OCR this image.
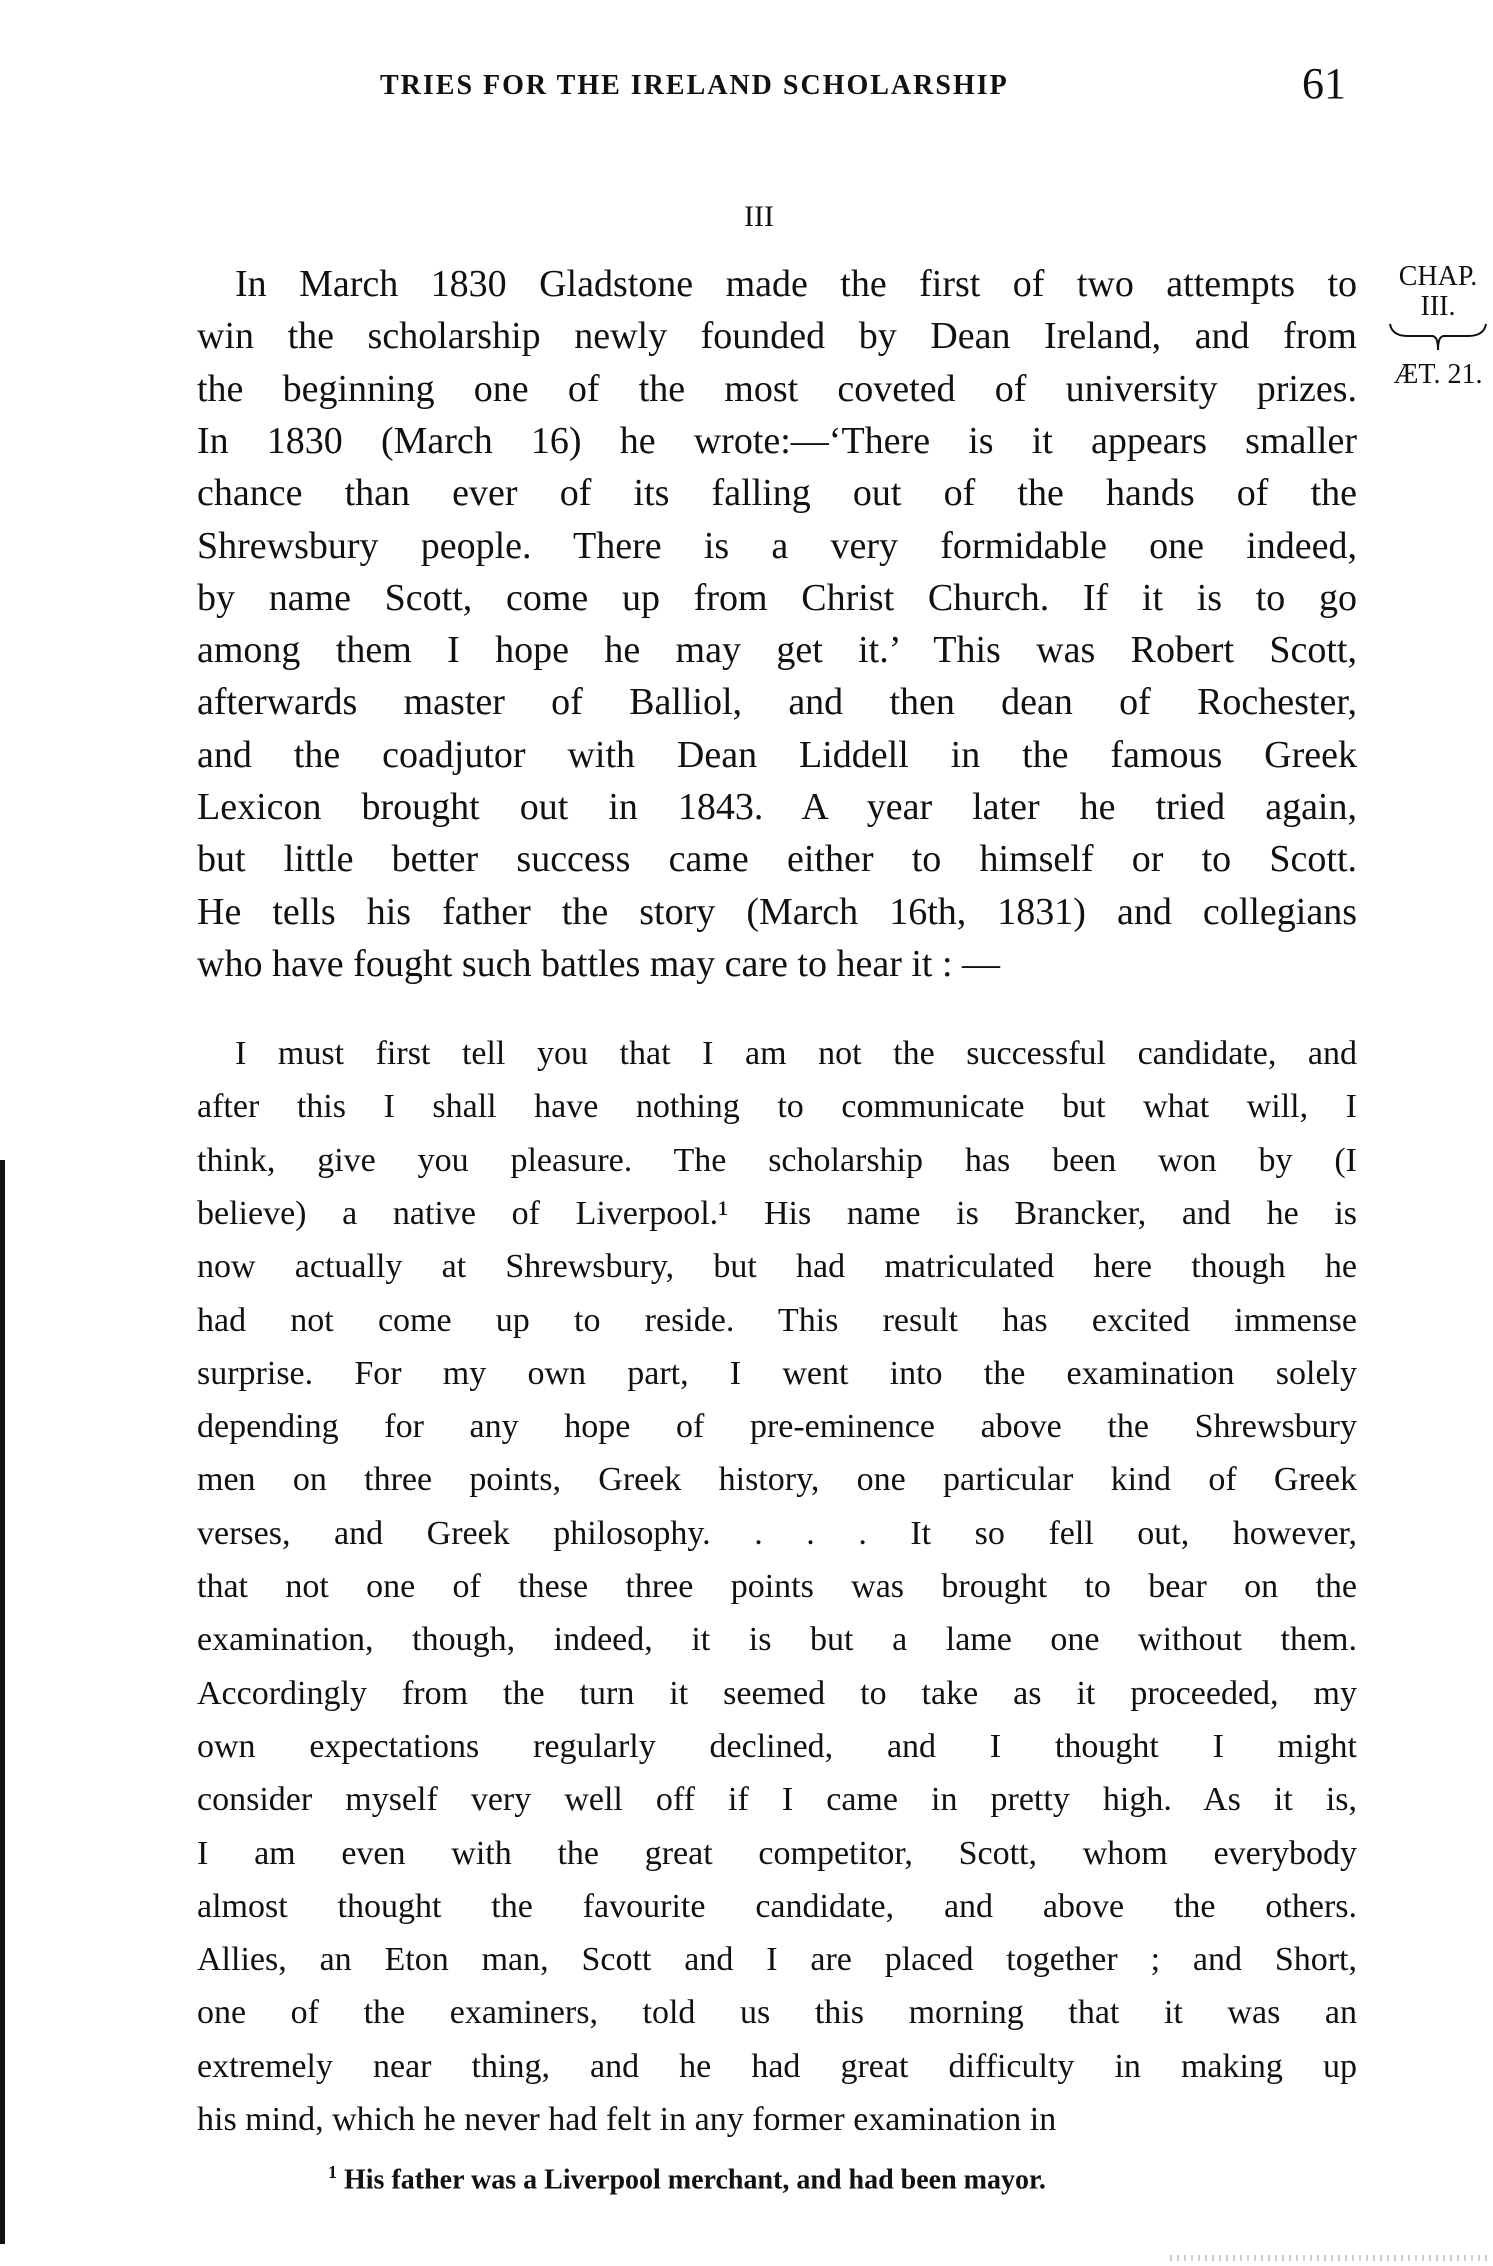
TRIES FOR THE IRELAND SCHOLARSHIP	61
III
CHAP.
III.
ÆT. 21.
In March 1830 Gladstone made the first of two attempts to
win the scholarship newly founded by Dean Ireland, and from
the beginning one of the most coveted of university prizes.
In 1830 (March 16) he wrote:—‘There is it appears smaller
chance than ever of its falling out of the hands of the
Shrewsbury people. There is a very formidable one indeed,
by name Scott, come up from Christ Church. If it is to go
among them I hope he may get it.’ This was Robert Scott,
afterwards master of Balliol, and then dean of Rochester,
and the coadjutor with Dean Liddell in the famous Greek
Lexicon brought out in 1843. A year later he tried again,
but little better success came either to himself or to Scott.
He tells his father the story (March 16th, 1831) and collegians
who have fought such battles may care to hear it : —
I must first tell you that I am not the successful candidate, and
after this I shall have nothing to communicate but what will, I
think, give you pleasure. The scholarship has been won by (I
believe) a native of Liverpool.¹ His name is Brancker, and he is
now actually at Shrewsbury, but had matriculated here though he
had not come up to reside. This result has excited immense
surprise. For my own part, I went into the examination solely
depending for any hope of pre-eminence above the Shrewsbury
men on three points, Greek history, one particular kind of Greek
verses, and Greek philosophy. . . . It so fell out, however,
that not one of these three points was brought to bear on the
examination, though, indeed, it is but a lame one without them.
Accordingly from the turn it seemed to take as it proceeded, my
own expectations regularly declined, and I thought I might
consider myself very well off if I came in pretty high. As it is,
I am even with the great competitor, Scott, whom everybody
almost thought the favourite candidate, and above the others.
Allies, an Eton man, Scott and I are placed together ; and Short,
one of the examiners, told us this morning that it was an
extremely near thing, and he had great difficulty in making up
his mind, which he never had felt in any former examination in
$^1$ His father was a Liverpool merchant, and had been mayor.
